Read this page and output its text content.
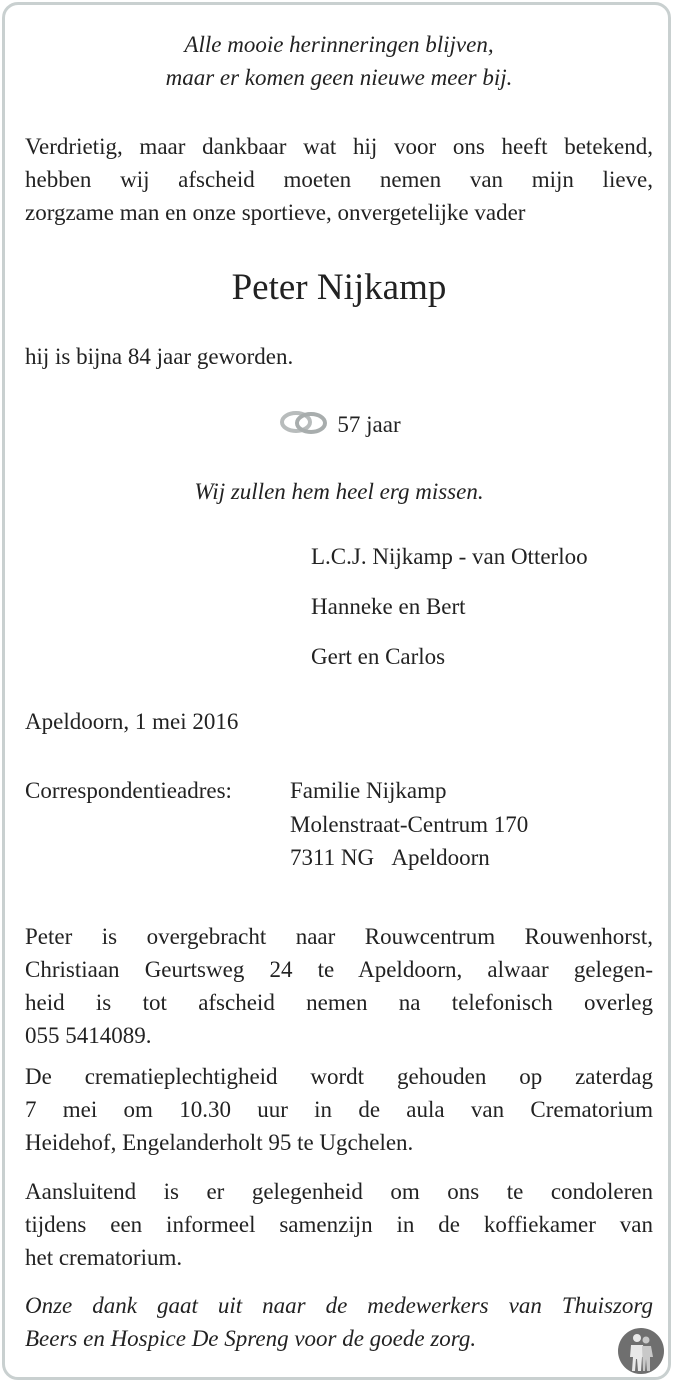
Alle mooie herinneringen blijven,
maar er komen geen nieuwe meer bij.
Verdrietig, maar dankbaar wat hij voor ons heeft betekend,
hebben wij afscheid moeten nemen van mijn lieve,
zorgzame man en onze sportieve, onvergetelijke vader
Peter Nijkamp
hij is bijna 84 jaar geworden.
57 jaar
Wij zullen hem heel erg missen.
L.C.J. Nijkamp - van Otterloo
Hanneke en Bert
Gert en Carlos
Apeldoorn, 1 mei 2016
Correspondentieadres:	Familie Nijkamp
Molenstraat-Centrum 170
7311 NG   Apeldoorn
Peter is overgebracht naar Rouwcentrum Rouwenhorst,
Christiaan Geurtsweg 24 te Apeldoorn, alwaar gelegen-
heid is tot afscheid nemen na telefonisch overleg
055 5414089.
De crematieplechtigheid wordt gehouden op zaterdag
7 mei om 10.30 uur in de aula van Crematorium
Heidehof, Engelanderholt 95 te Ugchelen.
Aansluitend is er gelegenheid om ons te condoleren
tijdens een informeel samenzijn in de koffiekamer van
het crematorium.
Onze dank gaat uit naar de medewerkers van Thuiszorg
Beers en Hospice De Spreng voor de goede zorg.
